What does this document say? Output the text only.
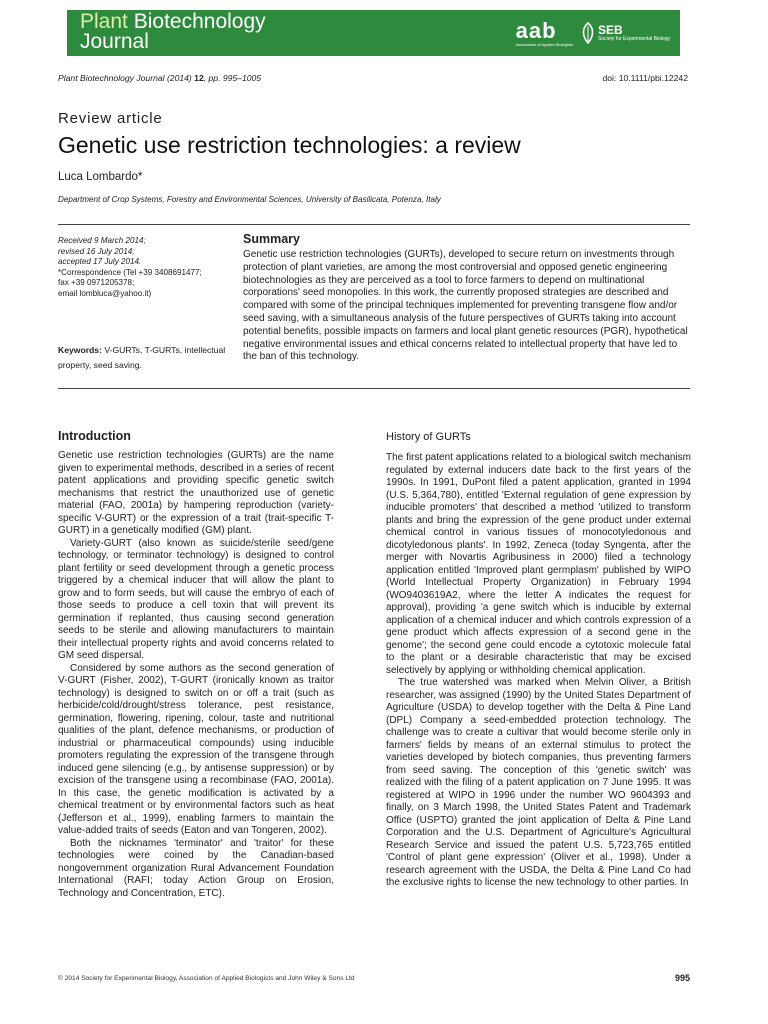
Plant Biotechnology
Journal	aab
Association of Applied Biologists
SEB
Society for Experimental Biology
Plant Biotechnology Journal (2014) 12, pp. 995–1005	doi: 10.1111/pbi.12242
Review article
Genetic use restriction technologies: a review
Luca Lombardo*
Department of Crop Systems, Forestry and Environmental Sciences, University of Basilicata, Potenza, Italy
Received 9 March 2014;
revised 16 July 2014;
accepted 17 July 2014.
*Correspondence (Tel +39 3408691477;
fax +39 0971205378;
email lombluca@yahoo.it)
Keywords: V-GURTs, T-GURTs, intellectual property, seed saving.
Summary
Genetic use restriction technologies (GURTs), developed to secure return on investments through protection of plant varieties, are among the most controversial and opposed genetic engineering biotechnologies as they are perceived as a tool to force farmers to depend on multinational corporations' seed monopolies. In this work, the currently proposed strategies are described and compared with some of the principal techniques implemented for preventing transgene flow and/or seed saving, with a simultaneous analysis of the future perspectives of GURTs taking into account potential benefits, possible impacts on farmers and local plant genetic resources (PGR), hypothetical negative environmental issues and ethical concerns related to intellectual property that have led to the ban of this technology.
Introduction

Genetic use restriction technologies (GURTs) are the name given to experimental methods, described in a series of recent patent applications and providing specific genetic switch mechanisms that restrict the unauthorized use of genetic material (FAO, 2001a) by hampering reproduction (variety-specific V-GURT) or the expression of a trait (trait-specific T-GURT) in a genetically modified (GM) plant.

Variety-GURT (also known as suicide/sterile seed/gene technology, or terminator technology) is designed to control plant fertility or seed development through a genetic process triggered by a chemical inducer that will allow the plant to grow and to form seeds, but will cause the embryo of each of those seeds to produce a cell toxin that will prevent its germination if replanted, thus causing second generation seeds to be sterile and allowing manufacturers to maintain their intellectual property rights and avoid concerns related to GM seed dispersal.

Considered by some authors as the second generation of V-GURT (Fisher, 2002), T-GURT (ironically known as traitor technology) is designed to switch on or off a trait (such as herbicide/cold/drought/stress tolerance, pest resistance, germination, flowering, ripening, colour, taste and nutritional qualities of the plant, defence mechanisms, or production of industrial or pharmaceutical compounds) using inducible promoters regulating the expression of the transgene through induced gene silencing (e.g., by antisense suppression) or by excision of the transgene using a recombinase (FAO, 2001a). In this case, the genetic modification is activated by a chemical treatment or by environmental factors such as heat (Jefferson et al., 1999), enabling farmers to maintain the value-added traits of seeds (Eaton and van Tongeren, 2002).

Both the nicknames 'terminator' and 'traitor' for these technologies were coined by the Canadian-based nongovernment organization Rural Advancement Foundation International (RAFI; today Action Group on Erosion, Technology and Concentration, ETC).

History of GURTs

The first patent applications related to a biological switch mechanism regulated by external inducers date back to the first years of the 1990s. In 1991, DuPont filed a patent application, granted in 1994 (U.S. 5,364,780), entitled 'External regulation of gene expression by inducible promoters' that described a method 'utilized to transform plants and bring the expression of the gene product under external chemical control in various tissues of monocotyledonous and dicotyledonous plants'. In 1992, Zeneca (today Syngenta, after the merger with Novartis Agribusiness in 2000) filed a technology application entitled 'Improved plant germplasm' published by WIPO (World Intellectual Property Organization) in February 1994 (WO9403619A2, where the letter A indicates the request for approval), providing 'a gene switch which is inducible by external application of a chemical inducer and which controls expression of a gene product which affects expression of a second gene in the genome'; the second gene could encode a cytotoxic molecule fatal to the plant or a desirable characteristic that may be excised selectively by applying or withholding chemical application.

The true watershed was marked when Melvin Oliver, a British researcher, was assigned (1990) by the United States Department of Agriculture (USDA) to develop together with the Delta & Pine Land (DPL) Company a seed-embedded protection technology. The challenge was to create a cultivar that would become sterile only in farmers' fields by means of an external stimulus to protect the varieties developed by biotech companies, thus preventing farmers from seed saving. The conception of this 'genetic switch' was realized with the filing of a patent application on 7 June 1995. It was registered at WIPO in 1996 under the number WO 9604393 and finally, on 3 March 1998, the United States Patent and Trademark Office (USPTO) granted the joint application of Delta & Pine Land Corporation and the U.S. Department of Agriculture's Agricultural Research Service and issued the patent U.S. 5,723,765 entitled 'Control of plant gene expression' (Oliver et al., 1998). Under a research agreement with the USDA, the Delta & Pine Land Co had the exclusive rights to license the new technology to other parties. In

© 2014 Society for Experimental Biology, Association of Applied Biologists and John Wiley & Sons Ltd	995
